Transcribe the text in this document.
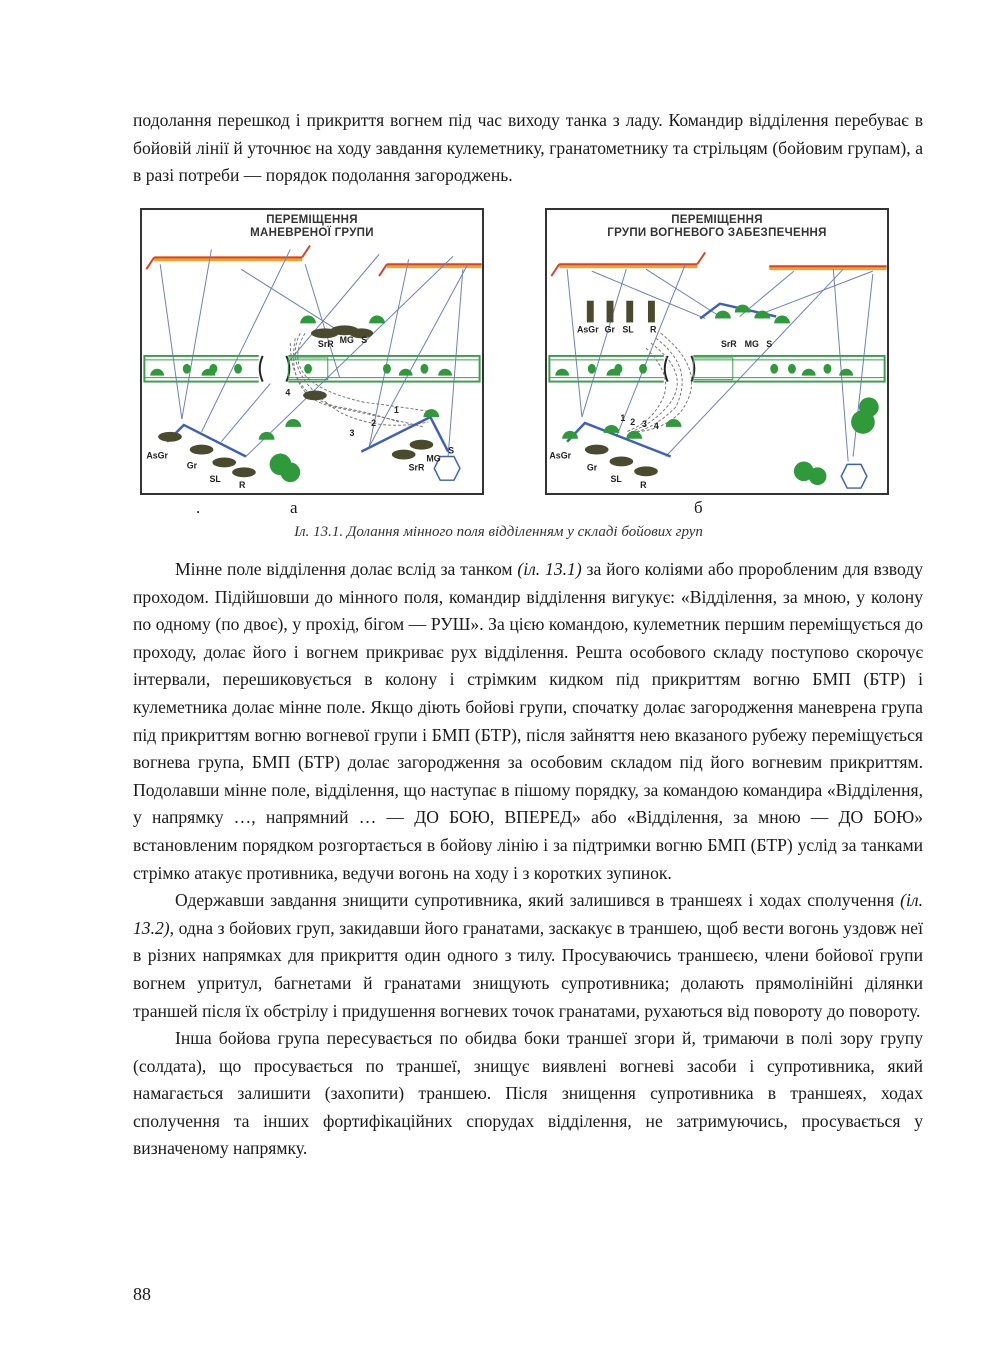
подолання перешкод і прикриття вогнем під час виходу танка з ладу. Командир відділення перебуває в бойовій лінії й уточнює на ходу завдання кулеметнику, гранатометнику та стрільцям (бойовим групам), а в разі потреби — порядок подолання загороджень.

SrR MG S
AsGr
Gr
SL
R
S
MG
SrR
1
2
3
4
ПЕРЕМІЩЕННЯ
МАНЕВРЕНОЇ ГРУПИ
AsGr Gr SL R
SrR MG S
AsGr
Gr
SL
R
1 2 3 4
ПЕРЕМІЩЕННЯ
ГРУПИ ВОГНЕВОГО ЗАБЕЗПЕЧЕННЯ
.	а	б
Іл. 13.1. Долання мінного поля відділенням у складі бойових груп

Мінне поле відділення долає вслід за танком (іл. 13.1) за його коліями або проробленим для взводу проходом. Підійшовши до мінного поля, командир відділення вигукує: «Відділення, за мною, у колону по одному (по двоє), у прохід, бігом — РУШ». За цією командою, кулеметник першим переміщується до проходу, долає його і вогнем прикриває рух відділення. Решта особового складу поступово скорочує інтервали, перешиковується в колону і стрімким кидком під прикриттям вогню БМП (БТР) і кулеметника долає мінне поле. Якщо діють бойові групи, спочатку долає загородження маневрена група під прикриттям вогню вогневої групи і БМП (БТР), після зайняття нею вказаного рубежу переміщується вогнева група, БМП (БТР) долає загородження за особовим складом під його вогневим прикриттям. Подолавши мінне поле, відділення, що наступає в пішому порядку, за командою командира «Відділення, у напрямку …, напрямний … — ДО БОЮ, ВПЕРЕД» або «Відділення, за мною — ДО БОЮ» встановленим порядком розгортається в бойову лінію і за підтримки вогню БМП (БТР) услід за танками стрімко атакує противника, ведучи вогонь на ходу і з коротких зупинок.

Одержавши завдання знищити супротивника, який залишився в траншеях і ходах сполучення (іл. 13.2), одна з бойових груп, закидавши його гранатами, заскакує в траншею, щоб вести вогонь уздовж неї в різних напрямках для прикриття один одного з тилу. Просуваючись траншеєю, члени бойової групи вогнем упритул, багнетами й гранатами знищують супротивника; долають прямолінійні ділянки траншей після їх обстрілу і придушення вогневих точок гранатами, рухаються від повороту до повороту.

Інша бойова група пересувається по обидва боки траншеї згори й, тримаючи в полі зору групу (солдата), що просувається по траншеї, знищує виявлені вогневі засоби і супротивника, який намагається залишити (захопити) траншею. Після знищення супротивника в траншеях, ходах сполучення та інших фортифікаційних спорудах відділення, не затримуючись, просувається у визначеному напрямку.

88
